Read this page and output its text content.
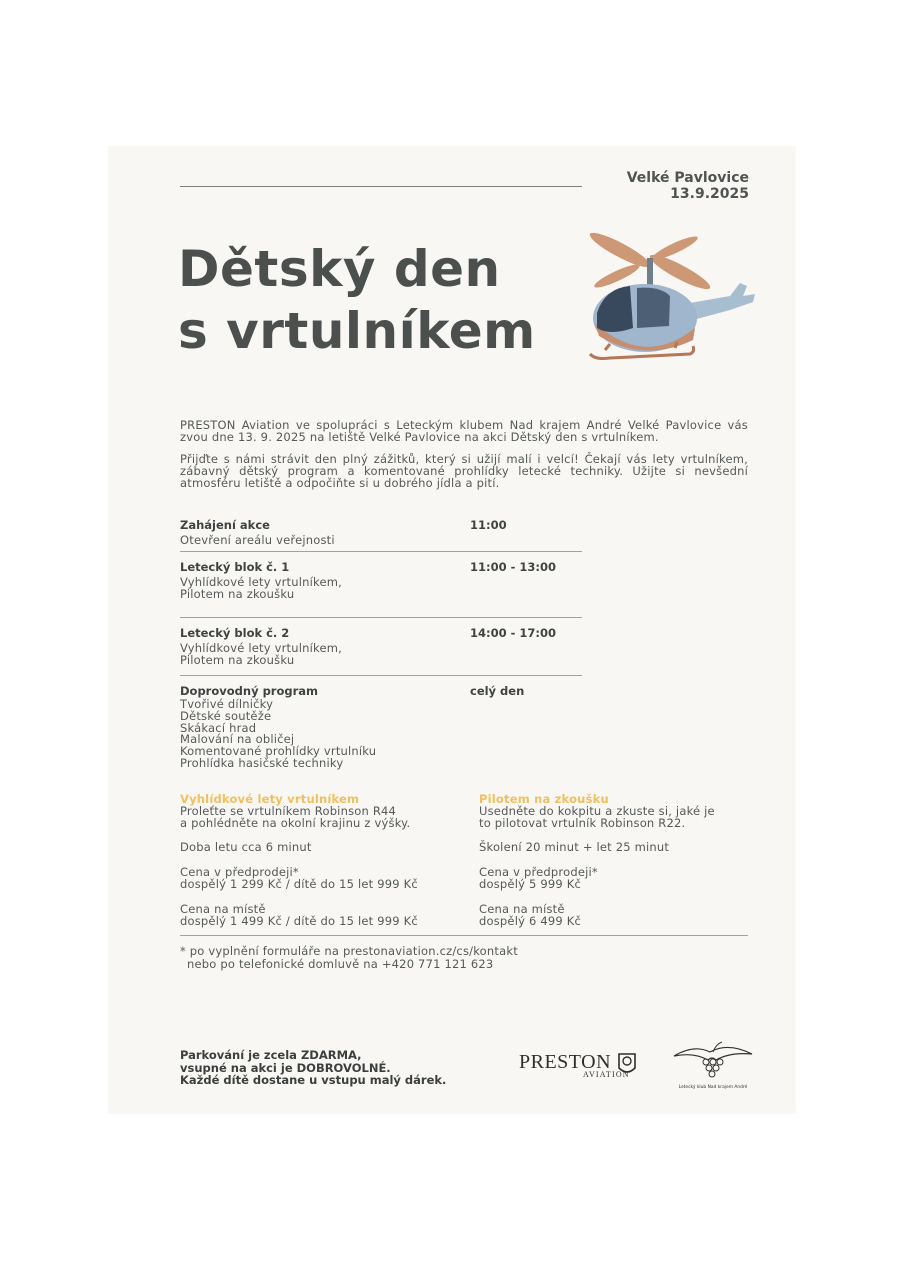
Velké Pavlovice
13.9.2025
Dětský den
s vrtulníkem
PRESTON Aviation ve spolupráci s Leteckým klubem Nad krajem André Velké Pavlovice vás zvou dne 13. 9. 2025 na letiště Velké Pavlovice na akci Dětský den s vrtulníkem.
Přijďte s námi strávit den plný zážitků, který si užijí malí i velcí! Čekají vás lety vrtulníkem, zábavný dětský program a komentované prohlídky letecké techniky. Užijte si nevšední atmosféru letiště a odpočiňte si u dobrého jídla a pití.
Zahájení akce	11:00
Otevření areálu veřejnosti
Letecký blok č. 1	11:00 - 13:00
Vyhlídkové lety vrtulníkem,
Pilotem na zkoušku
Letecký blok č. 2	14:00 - 17:00
Vyhlídkové lety vrtulníkem,
Pilotem na zkoušku
Doprovodný program	celý den
Tvořivé dílničky
Dětské soutěže
Skákací hrad
Malování na obličej
Komentované prohlídky vrtulníku
Prohlídka hasičské techniky
Vyhlídkové lety vrtulníkem
Proleťte se vrtulníkem Robinson R44

a pohlédněte na okolní krajinu z výšky.

Doba letu cca 6 minut

Cena v předprodeji*

dospělý 1 299 Kč / dítě do 15 let 999 Kč

Cena na místě

dospělý 1 499 Kč / dítě do 15 let 999 Kč

Pilotem na zkoušku
Usedněte do kokpitu a zkuste si, jaké je

to pilotovat vrtulník Robinson R22.

Školení 20 minut + let 25 minut

Cena v předprodeji*

dospělý 5 999 Kč

Cena na místě

dospělý 6 499 Kč

* po vyplnění formuláře na prestonaviation.cz/cs/kontakt
nebo po telefonické domluvě na +420 771 121 623
Parkování je zcela ZDARMA,
vsupné na akci je DOBROVOLNÉ.
Každé dítě dostane u vstupu malý dárek.
PRESTON
AVIATION
Letecký klub Nad krajem André
